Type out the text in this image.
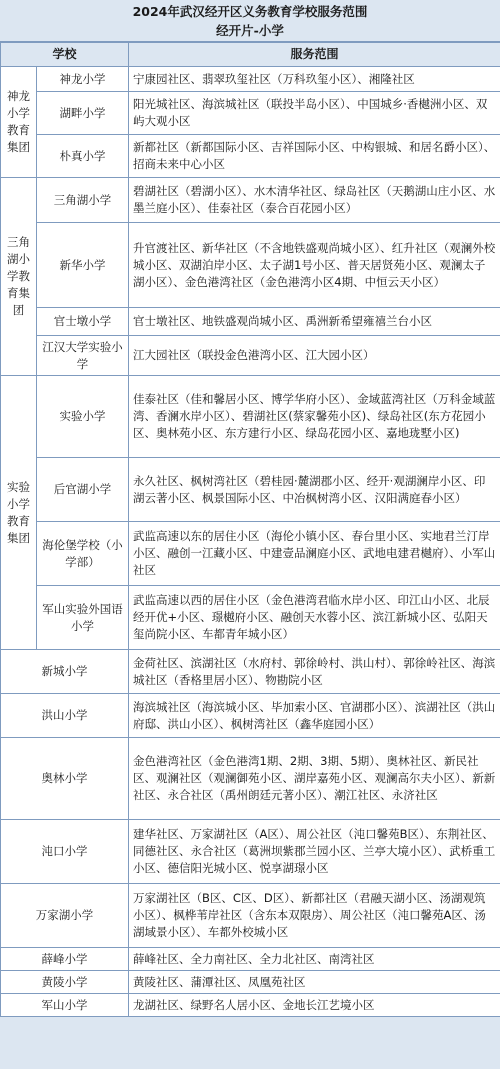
2024年武汉经开区义务教育学校服务范围
经开片-小学
学校		服务范围
神龙小学教育集团	神龙小学	宁康园社区、翡翠玖玺社区（万科玖玺小区）、湘隆社区
	湖畔小学	阳光城社区、海滨城社区（联投半岛小区）、中国城乡·香樾洲小区、双屿大观小区
	朴真小学	新都社区（新都国际小区、吉祥国际小区、中构银城、和居名爵小区）、招商未来中心小区
三角湖小学教育集团	三角湖小学	碧湖社区（碧湖小区）、水木清华社区、绿岛社区（天鹅湖山庄小区、水墨兰庭小区）、佳泰社区（泰合百花园小区）
	新华小学	升官渡社区、新华社区（不含地铁盛观尚城小区）、红升社区（观澜外校城小区、双湖泊岸小区、太子湖1号小区、普天居贤苑小区、观澜太子湖小区）、金色港湾社区（金色港湾小区4期、中恒云天小区）
	官士墩小学	官士墩社区、地铁盛观尚城小区、禹洲新希望雍禧兰台小区
	江汉大学实验小学	江大园社区（联投金色港湾小区、江大园小区）
实验小学教育集团	实验小学	佳泰社区（佳和馨居小区、博学华府小区）、金域蓝湾社区（万科金域蓝湾、香澜水岸小区）、碧湖社区(蔡家馨苑小区)、绿岛社区(东方花园小区、奥林苑小区、东方建行小区、绿岛花园小区、嘉地珑墅小区)
	后官湖小学	永久社区、枫树湾社区（碧桂园·麓湖郡小区、经开·观湖澜岸小区、印湖云著小区、枫景国际小区、中冶枫树湾小区、汉阳满庭春小区）
	海伦堡学校（小学部）	武监高速以东的居住小区（海伦小镇小区、春台里小区、实地君兰汀岸小区、融创一江藏小区、中建壹品澜庭小区、武地电建君樾府）、小军山社区
	军山实验外国语小学	武监高速以西的居住小区（金色港湾君临水岸小区、印江山小区、北辰经开优+小区、璟樾府小区、融创天水蓉小区、滨江新城小区、弘阳天玺尚院小区、车都青年城小区）
新城小学		金荷社区、滨湖社区（水府村、郭徐岭村、洪山村）、郭徐岭社区、海滨城社区（香格里居小区）、物勘院小区
洪山小学		海滨城社区（海滨城小区、毕加索小区、官湖郡小区）、滨湖社区（洪山府邸、洪山小区）、枫树湾社区（鑫华庭园小区）
奥林小学		金色港湾社区（金色港湾1期、2期、3期、5期）、奥林社区、新民社区、观澜社区（观澜御苑小区、湖岸嘉苑小区、观澜高尔夫小区）、新新社区、永合社区（禹州朗廷元著小区）、潮江社区、永济社区
沌口小学		建华社区、万家湖社区（A区）、周公社区（沌口馨苑B区）、东荆社区、同德社区、永合社区（葛洲坝紫郡兰园小区、兰亭大境小区）、武桥重工小区、德信阳光城小区、悦享湖璟小区
万家湖小学		万家湖社区（B区、C区、D区）、新都社区（君融天湖小区、汤湖观筑小区）、枫桦苇岸社区（含东本双限房）、周公社区（沌口馨苑A区、汤湖域景小区）、车都外校城小区
薛峰小学		薛峰社区、全力南社区、全力北社区、南湾社区
黄陵小学		黄陵社区、蒲潭社区、凤凰苑社区
军山小学		龙湖社区、绿野名人居小区、金地长江艺境小区
